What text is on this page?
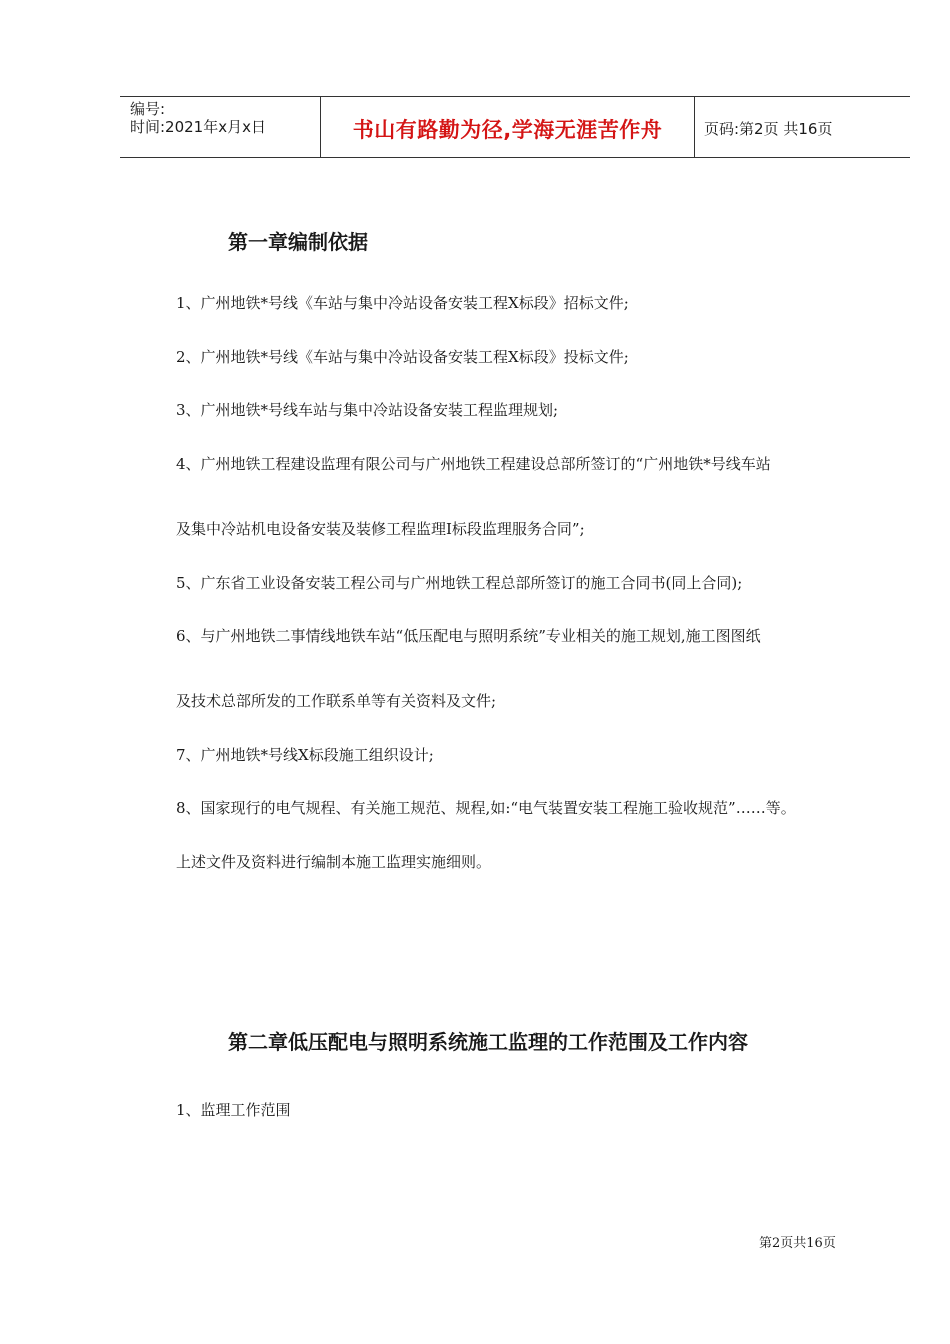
编号:
时间:2021年x月x日	书山有路勤为径,学海无涯苦作舟	页码:第2页 共16页
第一章编制依据
1、广州地铁*号线《车站与集中冷站设备安装工程X标段》招标文件;
2、广州地铁*号线《车站与集中冷站设备安装工程X标段》投标文件;
3、广州地铁*号线车站与集中冷站设备安装工程监理规划;
4、广州地铁工程建设监理有限公司与广州地铁工程建设总部所签订的“广州地铁*号线车站
及集中冷站机电设备安装及装修工程监理Ⅰ标段监理服务合同”;
5、广东省工业设备安装工程公司与广州地铁工程总部所签订的施工合同书(同上合同);
6、与广州地铁二事情线地铁车站“低压配电与照明系统”专业相关的施工规划,施工图图纸
及技术总部所发的工作联系单等有关资料及文件;
7、广州地铁*号线X标段施工组织设计;
8、国家现行的电气规程、有关施工规范、规程,如:“电气装置安装工程施工验收规范”……等。
上述文件及资料进行编制本施工监理实施细则。
第二章低压配电与照明系统施工监理的工作范围及工作内容
1、监理工作范围
第2页共16页
